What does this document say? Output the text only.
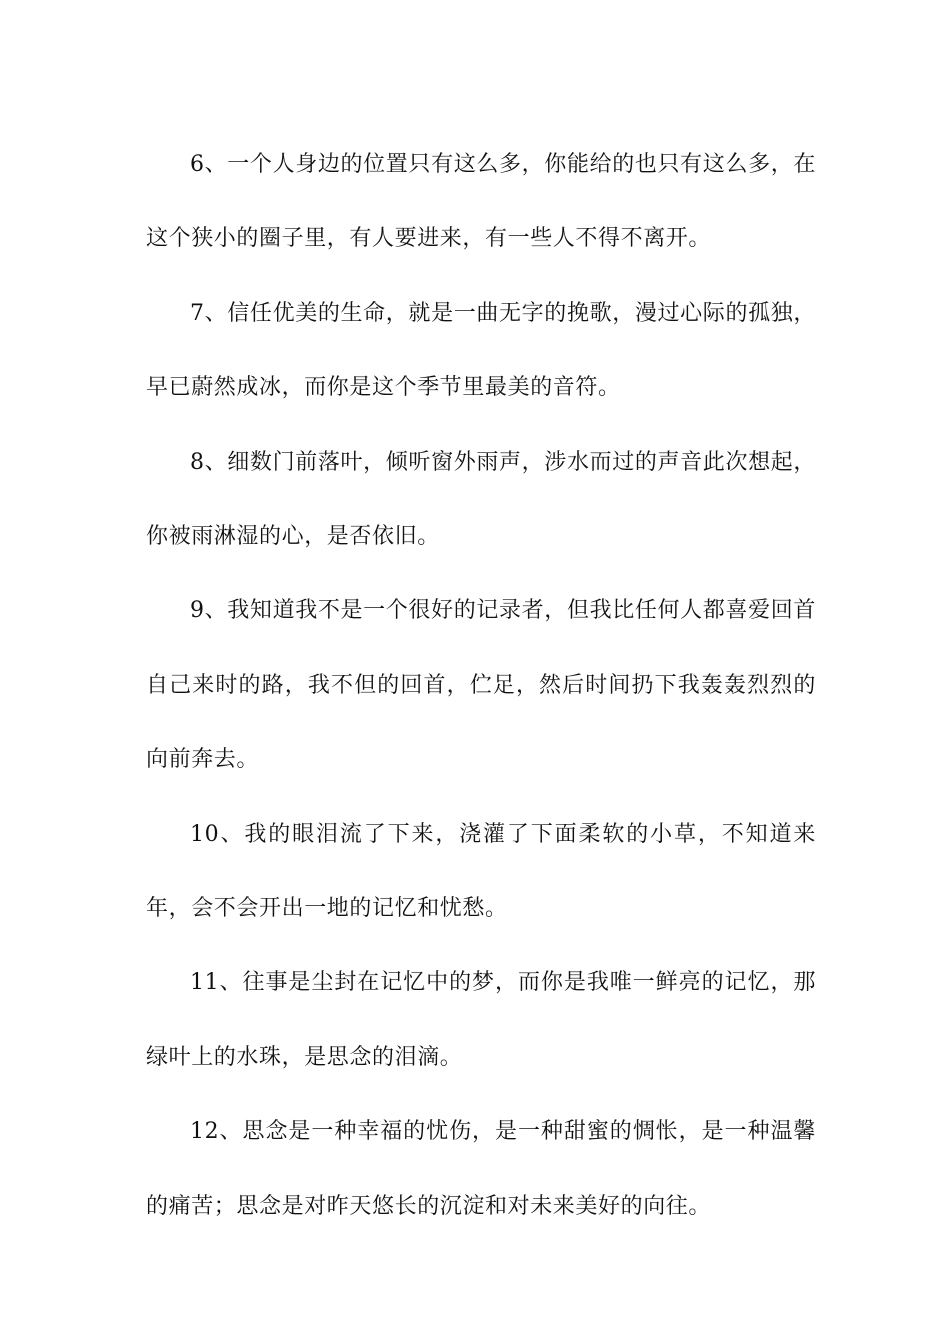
6、一个人身边的位置只有这么多，你能给的也只有这么多，在这个狭小的圈子里，有人要进来，有一些人不得不离开。

7、信任优美的生命，就是一曲无字的挽歌，漫过心际的孤独，早已蔚然成冰，而你是这个季节里最美的音符。

8、细数门前落叶，倾听窗外雨声，涉水而过的声音此次想起，你被雨淋湿的心，是否依旧。

9、我知道我不是一个很好的记录者，但我比任何人都喜爱回首自己来时的路，我不但的回首，伫足，然后时间扔下我轰轰烈烈的向前奔去。

10、我的眼泪流了下来，浇灌了下面柔软的小草，不知道来年，会不会开出一地的记忆和忧愁。

11、往事是尘封在记忆中的梦，而你是我唯一鲜亮的记忆，那绿叶上的水珠，是思念的泪滴。

12、思念是一种幸福的忧伤，是一种甜蜜的惆怅，是一种温馨的痛苦；思念是对昨天悠长的沉淀和对未来美好的向往。
